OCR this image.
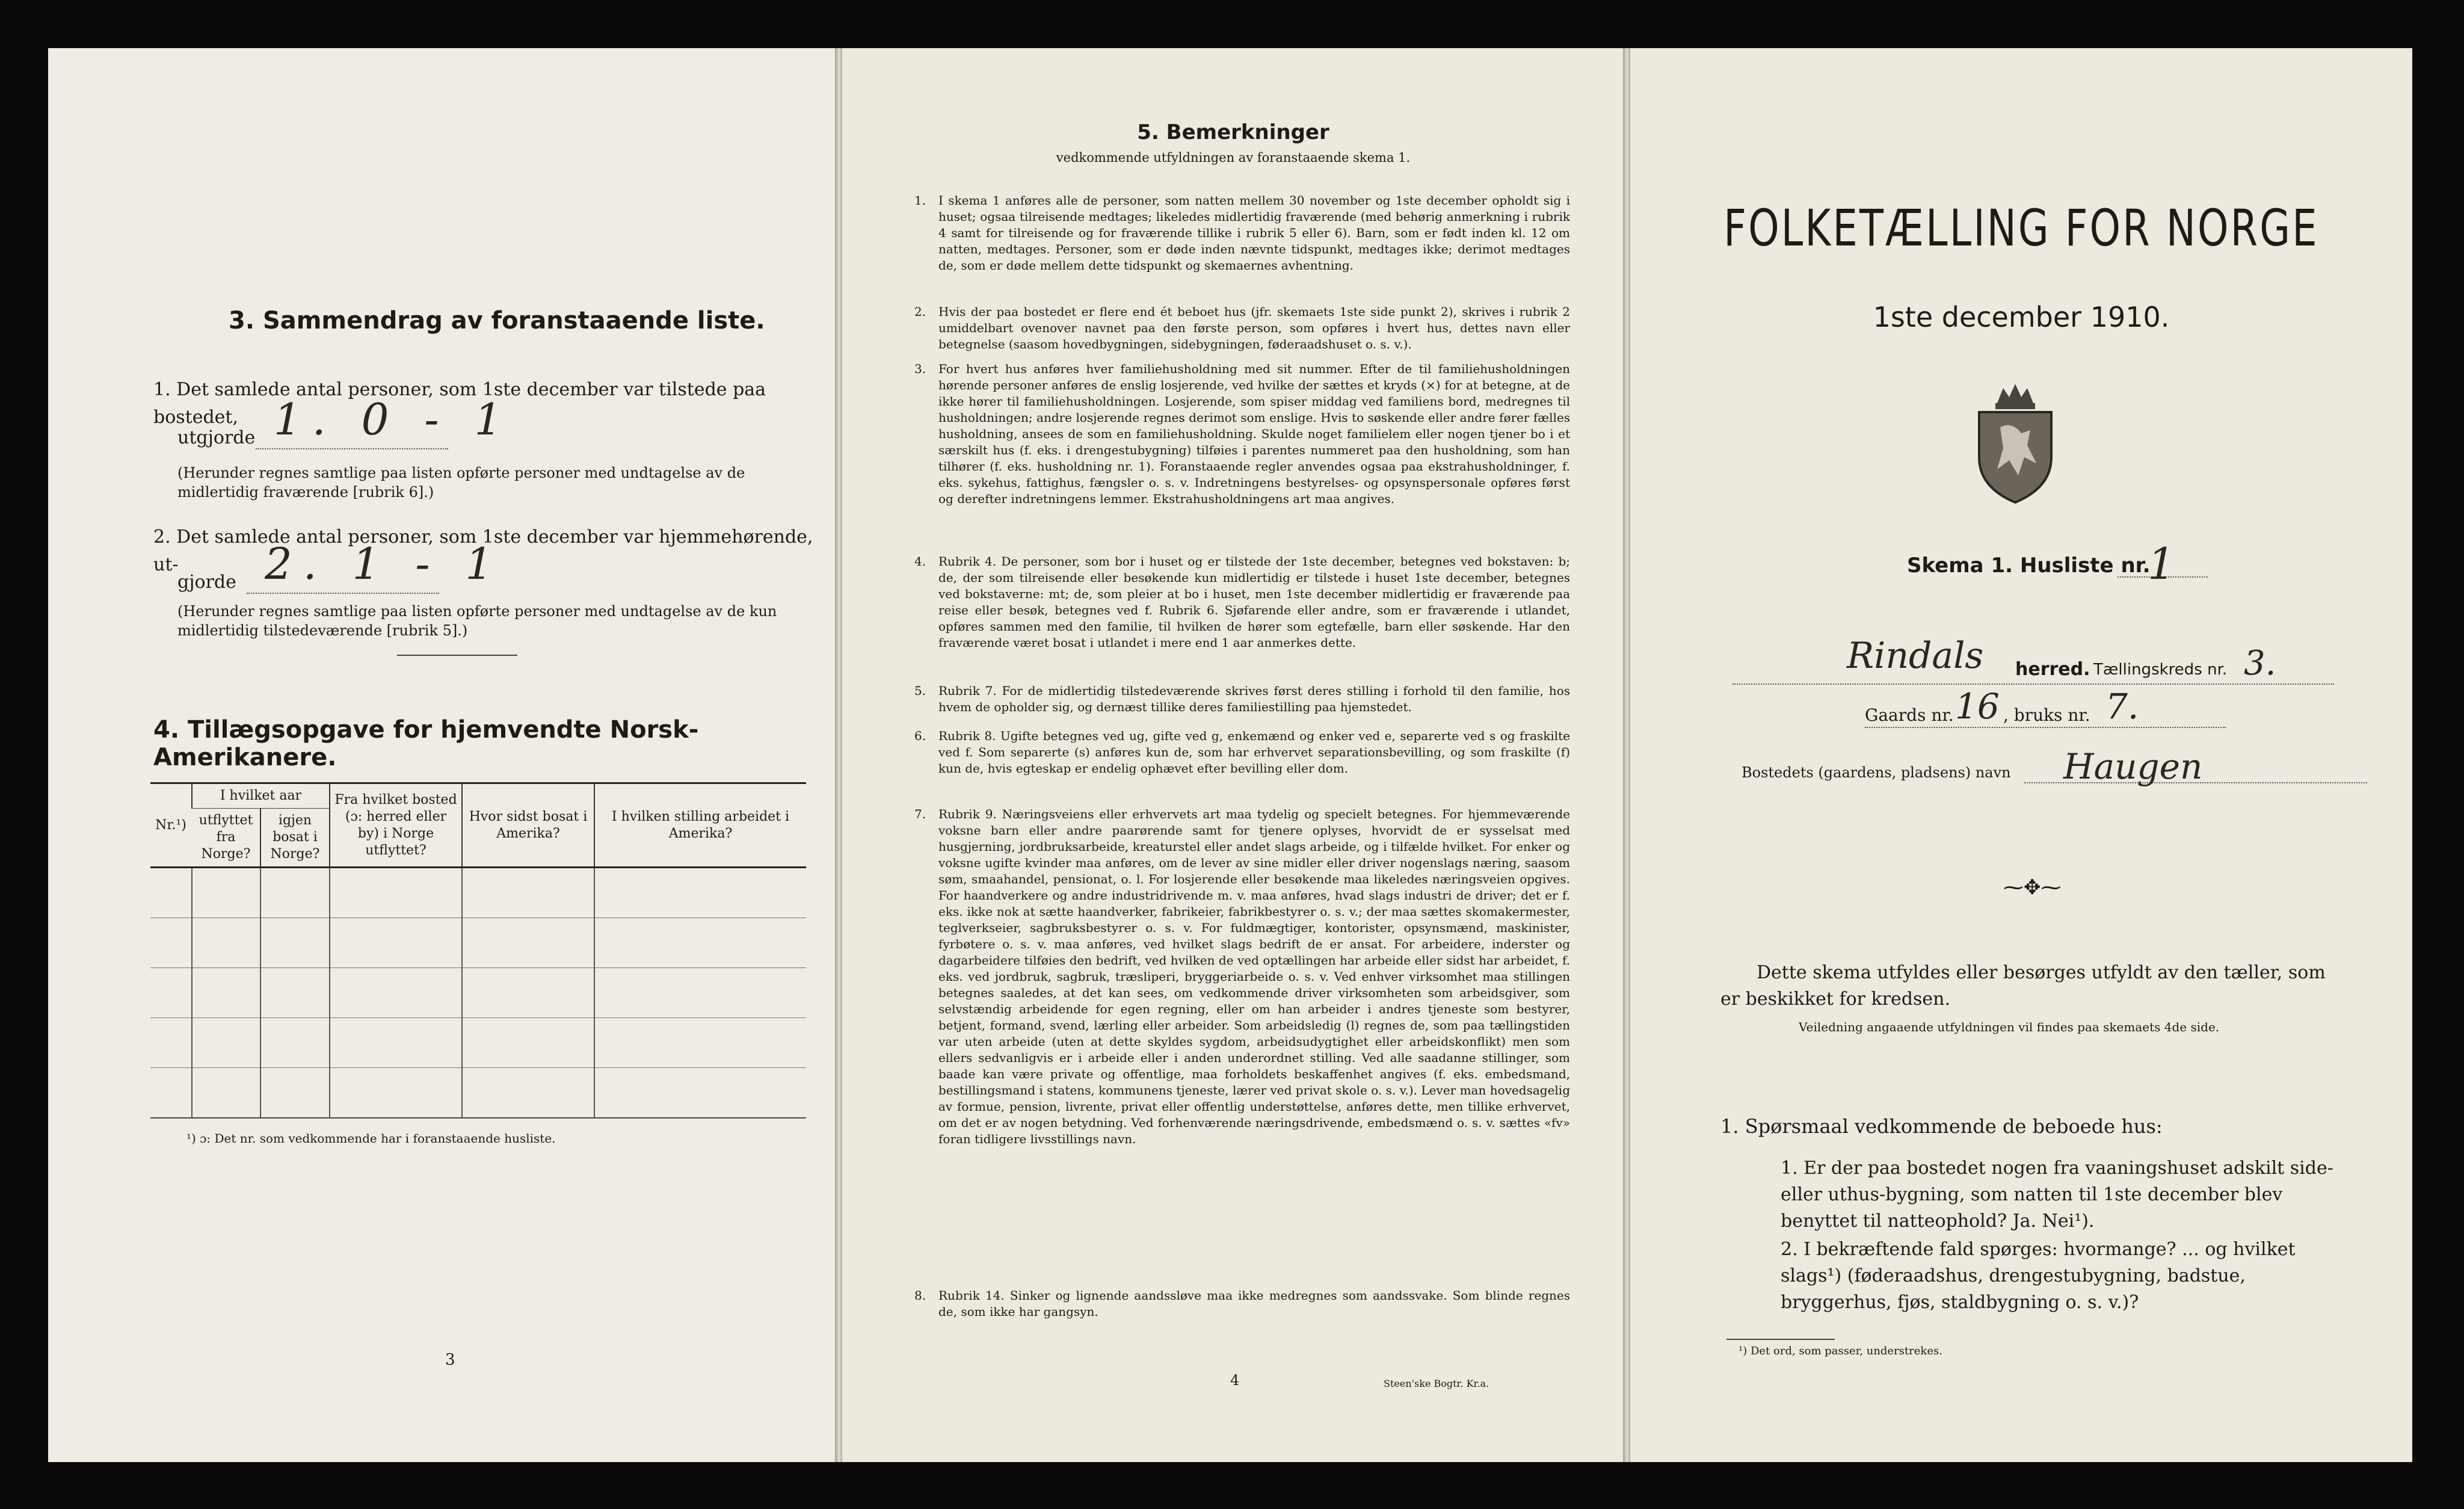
3. Sammendrag av foranstaaende liste.
1. Det samlede antal personer, som 1ste december var tilstede paa bostedet,
utgjorde 1. 0 - 1
(Herunder regnes samtlige paa listen opførte personer med undtagelse av de midlertidig fraværende [rubrik 6].)
2. Det samlede antal personer, som 1ste december var hjemmehørende, ut-
gjorde 2. 1 - 1
(Herunder regnes samtlige paa listen opførte personer med undtagelse av de kun midlertidig tilstedeværende [rubrik 5].)
4. Tillægsopgave for hjemvendte Norsk-Amerikanere.
Nr.¹)	I hvilket aar		Fra hvilket bosted (ɔ: herred eller by) i Norge utflyttet?	Hvor sidst bosat i Amerika?	I hvilken stilling arbeidet i Amerika?
	utflyttet fra Norge?	igjen bosat i Norge?			

¹) ɔ: Det nr. som vedkommende har i foranstaaende husliste.
3
5. Bemerkninger
vedkommende utfyldningen av foranstaaende skema 1.
1. I skema 1 anføres alle de personer, som natten mellem 30 november og 1ste december opholdt sig i huset; ogsaa tilreisende medtages; likeledes midlertidig fraværende (med behørig anmerkning i rubrik 4 samt for tilreisende og for fraværende tillike i rubrik 5 eller 6). Barn, som er født inden kl. 12 om natten, medtages. Personer, som er døde inden nævnte tidspunkt, medtages ikke; derimot medtages de, som er døde mellem dette tidspunkt og skemaernes avhentning.
2. Hvis der paa bostedet er flere end ét beboet hus (jfr. skemaets 1ste side punkt 2), skrives i rubrik 2 umiddelbart ovenover navnet paa den første person, som opføres i hvert hus, dettes navn eller betegnelse (saasom hovedbygningen, sidebygningen, føderaadshuset o. s. v.).
3. For hvert hus anføres hver familiehusholdning med sit nummer. Efter de til familiehusholdningen hørende personer anføres de enslig losjerende, ved hvilke der sættes et kryds (×) for at betegne, at de ikke hører til familiehusholdningen. Losjerende, som spiser middag ved familiens bord, medregnes til husholdningen; andre losjerende regnes derimot som enslige. Hvis to søskende eller andre fører fælles husholdning, ansees de som en familiehusholdning. Skulde noget familielem eller nogen tjener bo i et særskilt hus (f. eks. i drengestubygning) tilføies i parentes nummeret paa den husholdning, som han tilhører (f. eks. husholdning nr. 1). Foranstaaende regler anvendes ogsaa paa ekstrahusholdninger, f. eks. sykehus, fattighus, fængsler o. s. v. Indretningens bestyrelses- og opsynspersonale opføres først og derefter indretningens lemmer. Ekstrahusholdningens art maa angives.
4. Rubrik 4. De personer, som bor i huset og er tilstede der 1ste december, betegnes ved bokstaven: b; de, der som tilreisende eller besøkende kun midlertidig er tilstede i huset 1ste december, betegnes ved bokstaverne: mt; de, som pleier at bo i huset, men 1ste december midlertidig er fraværende paa reise eller besøk, betegnes ved f. Rubrik 6. Sjøfarende eller andre, som er fraværende i utlandet, opføres sammen med den familie, til hvilken de hører som egtefælle, barn eller søskende. Har den fraværende været bosat i utlandet i mere end 1 aar anmerkes dette.
5. Rubrik 7. For de midlertidig tilstedeværende skrives først deres stilling i forhold til den familie, hos hvem de opholder sig, og dernæst tillike deres familiestilling paa hjemstedet.
6. Rubrik 8. Ugifte betegnes ved ug, gifte ved g, enkemænd og enker ved e, separerte ved s og fraskilte ved f. Som separerte (s) anføres kun de, som har erhvervet separationsbevilling, og som fraskilte (f) kun de, hvis egteskap er endelig ophævet efter bevilling eller dom.
7. Rubrik 9. Næringsveiens eller erhvervets art maa tydelig og specielt betegnes. For hjemmeværende voksne barn eller andre paarørende samt for tjenere oplyses, hvorvidt de er sysselsat med husgjerning, jordbruksarbeide, kreaturstel eller andet slags arbeide, og i tilfælde hvilket. For enker og voksne ugifte kvinder maa anføres, om de lever av sine midler eller driver nogenslags næring, saasom søm, smaahandel, pensionat, o. l. For losjerende eller besøkende maa likeledes næringsveien opgives. For haandverkere og andre industridrivende m. v. maa anføres, hvad slags industri de driver; det er f. eks. ikke nok at sætte haandverker, fabrikeier, fabrikbestyrer o. s. v.; der maa sættes skomakermester, teglverkseier, sagbruksbestyrer o. s. v. For fuldmægtiger, kontorister, opsynsmænd, maskinister, fyrbøtere o. s. v. maa anføres, ved hvilket slags bedrift de er ansat. For arbeidere, inderster og dagarbeidere tilføies den bedrift, ved hvilken de ved optællingen har arbeide eller sidst har arbeidet, f. eks. ved jordbruk, sagbruk, træsliperi, bryggeriarbeide o. s. v. Ved enhver virksomhet maa stillingen betegnes saaledes, at det kan sees, om vedkommende driver virksomheten som arbeidsgiver, som selvstændig arbeidende for egen regning, eller om han arbeider i andres tjeneste som bestyrer, betjent, formand, svend, lærling eller arbeider. Som arbeidsledig (l) regnes de, som paa tællingstiden var uten arbeide (uten at dette skyldes sygdom, arbeidsudygtighet eller arbeidskonflikt) men som ellers sedvanligvis er i arbeide eller i anden underordnet stilling. Ved alle saadanne stillinger, som baade kan være private og offentlige, maa forholdets beskaffenhet angives (f. eks. embedsmand, bestillingsmand i statens, kommunens tjeneste, lærer ved privat skole o. s. v.). Lever man hovedsagelig av formue, pension, livrente, privat eller offentlig understøttelse, anføres dette, men tillike erhvervet, om det er av nogen betydning. Ved forhenværende næringsdrivende, embedsmænd o. s. v. sættes «fv» foran tidligere livsstillings navn.
8. Rubrik 14. Sinker og lignende aandssløve maa ikke medregnes som aandssvake. Som blinde regnes de, som ikke har gangsyn.
4	Steen'ske Bogtr. Kr.a.
FOLKETÆLLING FOR NORGE
1ste december 1910.
Skema 1. Husliste nr.
1
Rindals herred. Tællingskreds nr. 3.
Gaards nr. 16 , bruks nr. 7.
Bostedets (gaardens, pladsens) navn Haugen
⁓✥⁓
Dette skema utfyldes eller besørges utfyldt av den tæller, som er beskikket for kredsen.
Veiledning angaaende utfyldningen vil findes paa skemaets 4de side.
1. Spørsmaal vedkommende de beboede hus:
1. Er der paa bostedet nogen fra vaaningshuset adskilt side- eller uthus-bygning, som natten til 1ste december blev benyttet til natteophold? Ja. Nei¹).
2. I bekræftende fald spørges: hvormange? ... og hvilket slags¹) (føderaadshus, drengestubygning, badstue, bryggerhus, fjøs, staldbygning o. s. v.)?
¹) Det ord, som passer, understrekes.
